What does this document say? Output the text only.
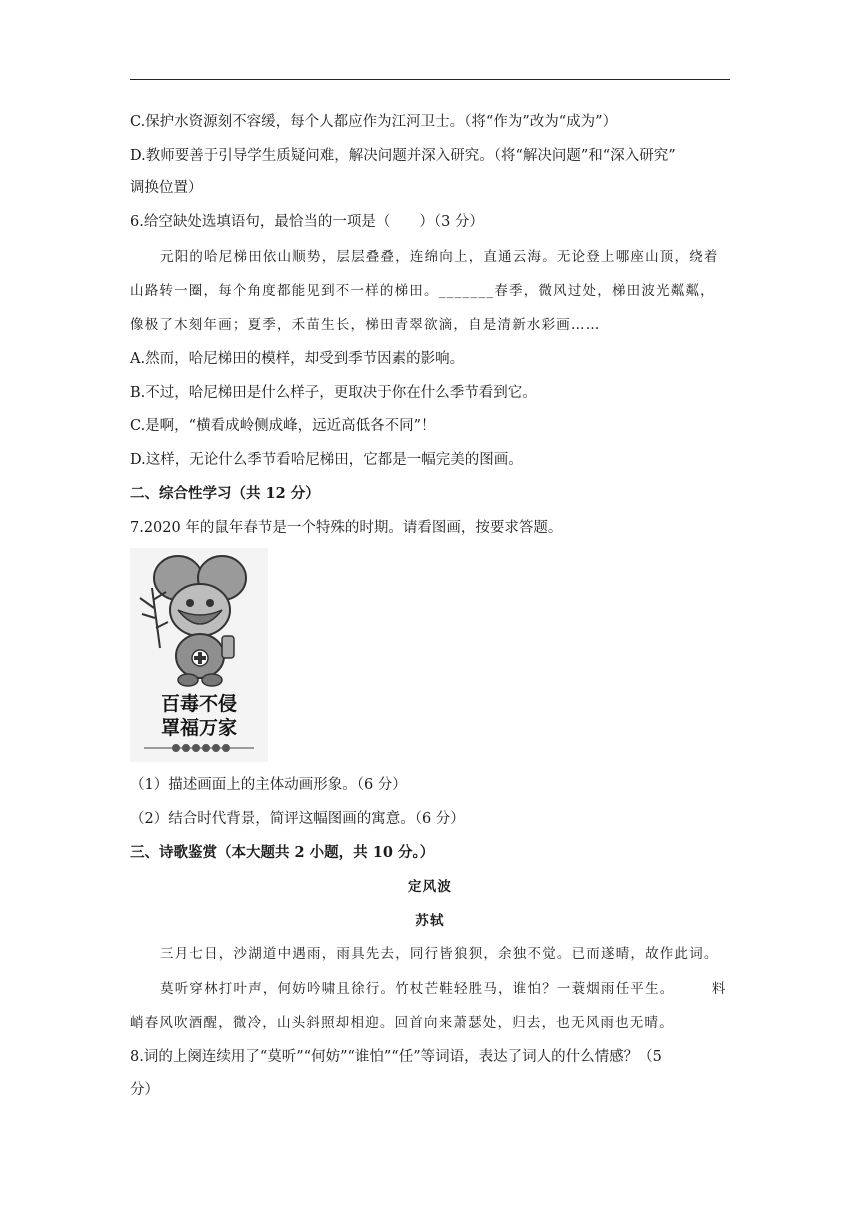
C.保护水资源刻不容缓，每个人都应作为江河卫士。（将“作为”改为“成为”）
D.教师要善于引导学生质疑问难，解决问题并深入研究。（将“解决问题”和“深入研究”
调换位置）
6.给空缺处选填语句，最恰当的一项是（　　）（3 分）
元阳的哈尼梯田依山顺势，层层叠叠，连绵向上，直通云海。无论登上哪座山顶，绕着
山路转一圈，每个角度都能见到不一样的梯田。_______春季，微风过处，梯田波光粼粼，
像极了木刻年画；夏季，禾苗生长，梯田青翠欲滴，自是清新水彩画……
A.然而，哈尼梯田的模样，却受到季节因素的影响。
B.不过，哈尼梯田是什么样子，更取决于你在什么季节看到它。
C.是啊，“横看成岭侧成峰，远近高低各不同”！
D.这样，无论什么季节看哈尼梯田，它都是一幅完美的图画。
二、综合性学习（共 12 分）
7.2020 年的鼠年春节是一个特殊的时期。请看图画，按要求答题。
百毒不侵
罩福万家
（1）描述画面上的主体动画形象。（6 分）
（2）结合时代背景，简评这幅图画的寓意。（6 分）
三、诗歌鉴赏（本大题共 2 小题，共 10 分。）
定风波
苏轼
三月七日，沙湖道中遇雨，雨具先去，同行皆狼狈，余独不觉。已而遂晴，故作此词。
莫听穿林打叶声，何妨吟啸且徐行。竹杖芒鞋轻胜马，谁怕？一蓑烟雨任平生。　　　料
峭春风吹酒醒，微冷，山头斜照却相迎。回首向来萧瑟处，归去，也无风雨也无晴。
8.词的上阕连续用了“莫听”“何妨”“谁怕”“任”等词语，表达了词人的什么情感？（5
分）
